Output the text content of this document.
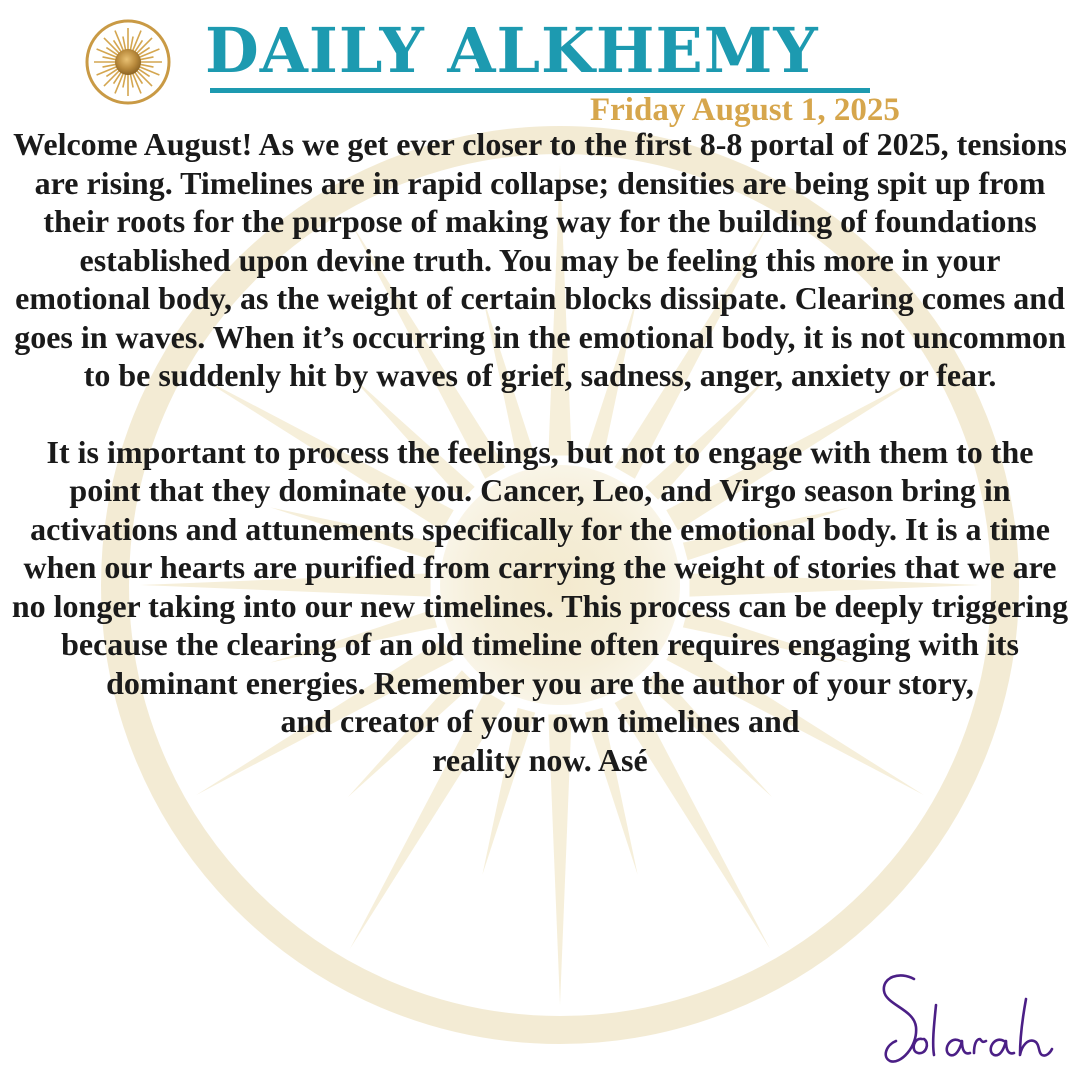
DAILY ALKHEMY
Friday August 1, 2025

Welcome August! As we get ever closer to the first 8-8 portal of 2025, tensions are rising. Timelines are in rapid collapse; densities are being spit up from their roots for the purpose of making way for the building of foundations established upon devine truth. You may be feeling this more in your emotional body, as the weight of certain blocks dissipate. Clearing comes and goes in waves. When it’s occurring in the emotional body, it is not uncommon to be suddenly hit by waves of grief, sadness, anger, anxiety or fear.

It is important to process the feelings, but not to engage with them to the point that they dominate you. Cancer, Leo, and Virgo season bring in activations and attunements specifically for the emotional body. It is a time when our hearts are purified from carrying the weight of stories that we are no longer taking into our new timelines. This process can be deeply triggering because the clearing of an old timeline often requires engaging with its dominant energies. Remember you are the author of your story,

and creator of your own timelines and

reality now. Asé
